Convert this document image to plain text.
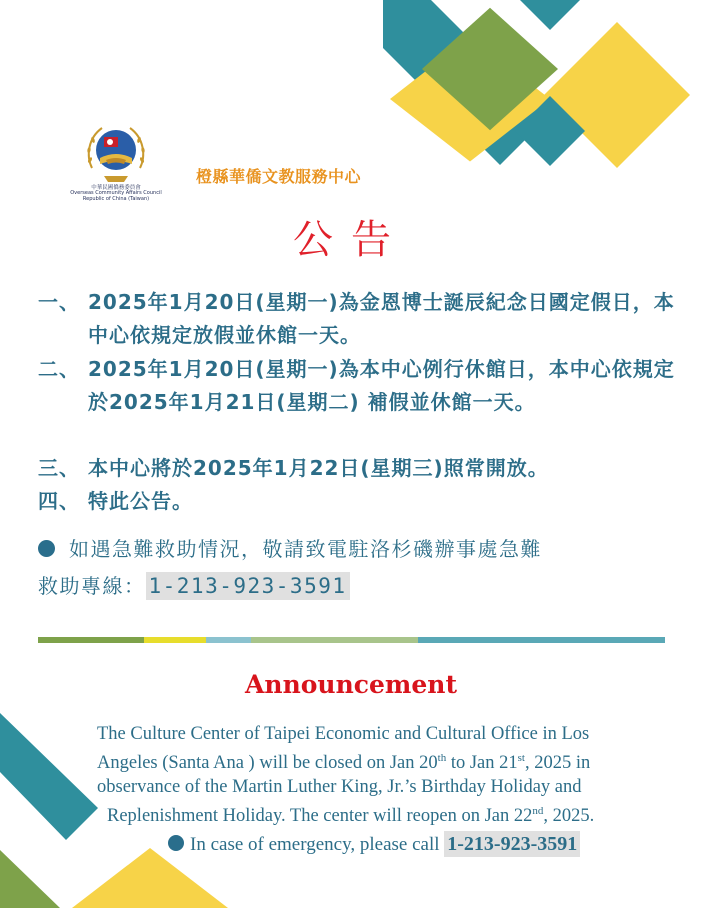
中華民國僑務委員會
Overseas Community Affairs Council
Republic of China (Taiwan)
橙縣華僑文教服務中心
公告
一、 2025年1月20日(星期一)為金恩博士誕辰紀念日國定假日，本中心依規定放假並休館一天。
二、 2025年1月20日(星期一)為本中心例行休館日，本中心依規定於2025年1月21日(星期二) 補假並休館一天。
三、 本中心將於2025年1月22日(星期三)照常開放。
四、 特此公告。
如遇急難救助情況，敬請致電駐洛杉磯辦事處急難
救助專線： 1-213-923-3591
Announcement
The Culture Center of Taipei Economic and Cultural Office in Los
Angeles (Santa Ana ) will be closed on Jan 20th to Jan 21st, 2025 in
observance of the Martin Luther King, Jr.’s Birthday Holiday and
Replenishment Holiday. The center will reopen on Jan 22nd, 2025.
In case of emergency, please call 1-213-923-3591
